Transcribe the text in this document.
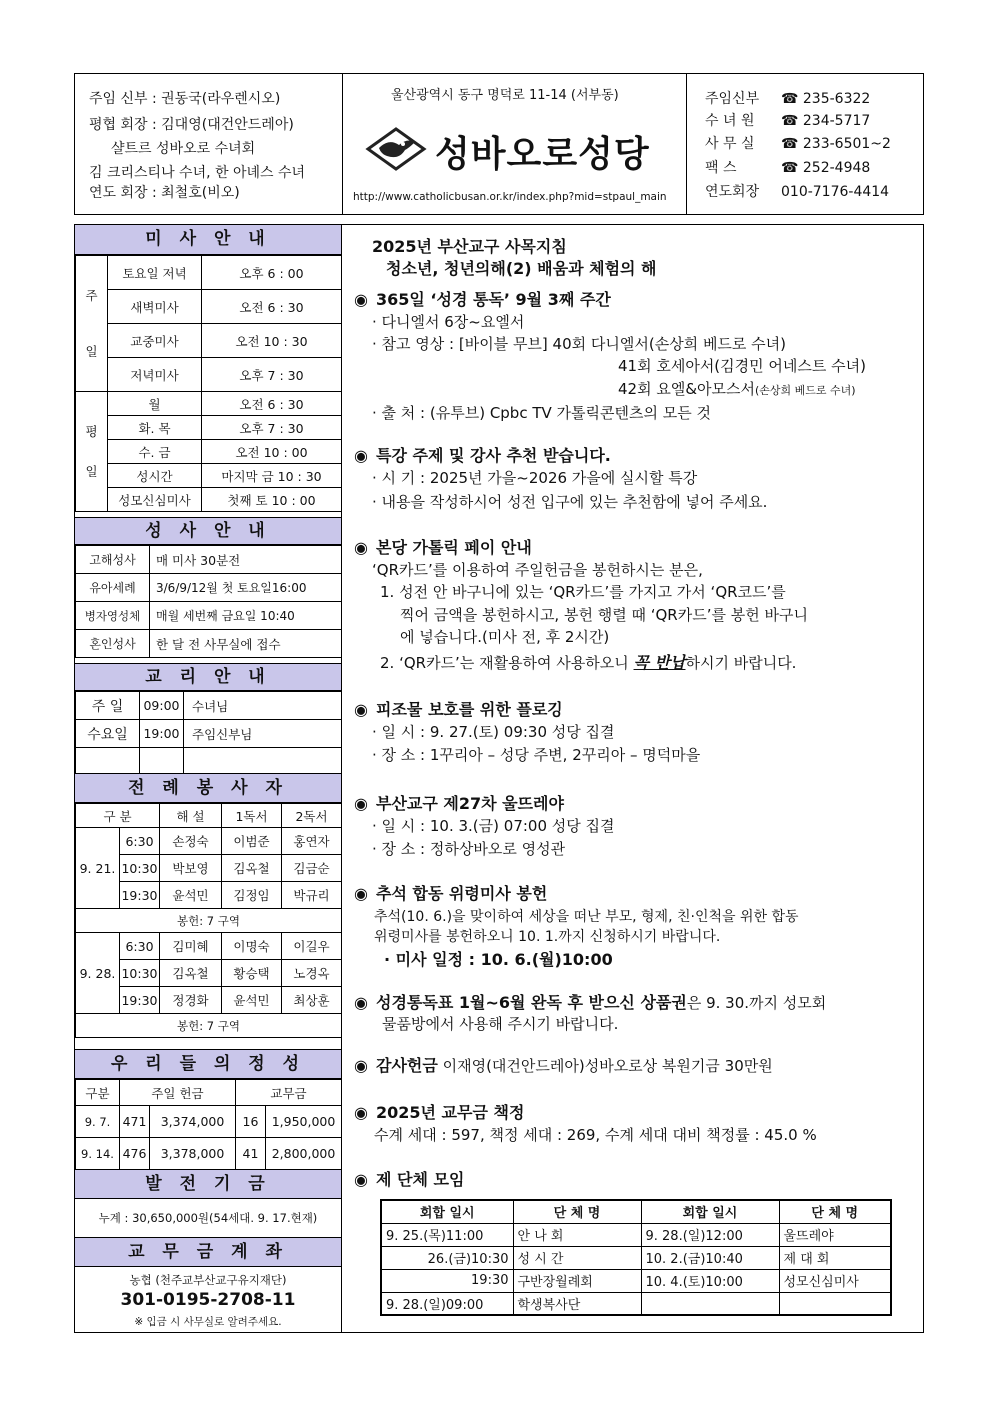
주임 신부 : 권동국(라우렌시오)
평협 회장 : 김대영(대건안드레아)
샬트르 성바오로 수녀회
김 크리스티나 수녀, 한 아녜스 수녀
연도 회장 : 최철호(비오)
울산광역시 동구 명덕로 11-14 (서부동)
성바오로성당
http://www.catholicbusan.or.kr/index.php?mid=stpaul_main
주임신부 ☎ 235-6322
수 녀 원 ☎ 234-5717
사 무 실 ☎ 233-6501~2
팩 스	☎ 252-4948
연도회장 010-7176-4414
미 사 안 내
주
일	토요일 저녁	오후 6 : 00
	새벽미사	오전 6 : 30
	교중미사	오전 10 : 30
	저녁미사	오후 7 : 30
평
일	월	오전 6 : 30
	화. 목	오후 7 : 30
	수. 금	오전 10 : 00
	성시간	마지막 금 10 : 30
	성모신심미사	첫째 토 10 : 00
성 사 안 내
고해성사	매 미사 30분전
유아세례	3/6/9/12월 첫 토요일16:00
병자영성체	매월 세번째 금요일 10:40
혼인성사	한 달 전 사무실에 접수
교 리 안 내
주 일	09:00	수녀님
수요일	19:00	주임신부님

전 례 봉 사 자
구 분		해 설	1독서	2독서
9. 21.	6:30	손정숙	이범준	홍연자
	10:30	박보영	김옥철	김금순
	19:30	윤석민	김정임	박규리
봉헌: 7 구역				
9. 28.	6:30	김미혜	이명숙	이길우
	10:30	김옥철	황승택	노경옥
	19:30	정경화	윤석민	최상훈
봉헌: 7 구역				
우 리 들 의 정 성
구분	주일 헌금		교무금	
9. 7.	471	3,374,000	16	1,950,000
9. 14.	476	3,378,000	41	2,800,000
발 전 기 금
누계 : 30,650,000원(54세대. 9. 17.현재)
교 무 금 계 좌
농협 (천주교부산교구유지재단)
301-0195-2708-11
※ 입금 시 사무실로 알려주세요.
2025년 부산교구 사목지침
청소년, 청년의해(2) 배움과 체험의 해
◉ 365일 ‘성경 통독’ 9월 3째 주간
· 다니엘서 6장~요엘서
· 참고 영상 : [바이블 무브] 40회 다니엘서(손상희 베드로 수녀)
41회 호세아서(김경민 어네스트 수녀)
42회 요엘&아모스서(손상희 베드로 수녀)
· 출 처 : (유투브) Cpbc TV 가톨릭콘텐츠의 모든 것
◉ 특강 주제 및 강사 추천 받습니다.
· 시 기 : 2025년 가을~2026 가을에 실시할 특강
· 내용을 작성하시어 성전 입구에 있는 추천함에 넣어 주세요.
◉ 본당 가톨릭 페이 안내
‘QR카드’를 이용하여 주일헌금을 봉헌하시는 분은,
1. 성전 안 바구니에 있는 ‘QR카드’를 가지고 가서 ‘QR코드’를
찍어 금액을 봉헌하시고, 봉헌 행렬 때 ‘QR카드’를 봉헌 바구니
에 넣습니다.(미사 전, 후 2시간)
2. ‘QR카드’는 재활용하여 사용하오니 꼭 반납하시기 바랍니다.
◉ 피조물 보호를 위한 플로깅
· 일 시 : 9. 27.(토) 09:30 성당 집결
· 장 소 : 1꾸리아 – 성당 주변, 2꾸리아 – 명덕마을
◉ 부산교구 제27차 울뜨레야
· 일 시 : 10. 3.(금) 07:00 성당 집결
· 장 소 : 정하상바오로 영성관
◉ 추석 합동 위령미사 봉헌
추석(10. 6.)을 맞이하여 세상을 떠난 부모, 형제, 친·인척을 위한 합동
위령미사를 봉헌하오니 10. 1.까지 신청하시기 바랍니다.
· 미사 일정 : 10. 6.(월)10:00
◉ 성경통독표 1월~6월 완독 후 받으신 상품권은 9. 30.까지 성모회
물품방에서 사용해 주시기 바랍니다.
◉ 감사헌금 이재영(대건안드레아)성바오로상 복원기금 30만원
◉ 2025년 교무금 책정
수계 세대 : 597, 책정 세대 : 269, 수계 세대 대비 책정률 : 45.0 %
◉ 제 단체 모임
회합 일시	단 체 명	회합 일시	단 체 명
9. 25.(목)11:00	안 나 회	9. 28.(일)12:00	울뜨레야
26.(금)10:30	성 시 간	10. 2.(금)10:40	제 대 회
19:30	구반장월례회	10. 4.(토)10:00	성모신심미사
9. 28.(일)09:00	학생복사단		
